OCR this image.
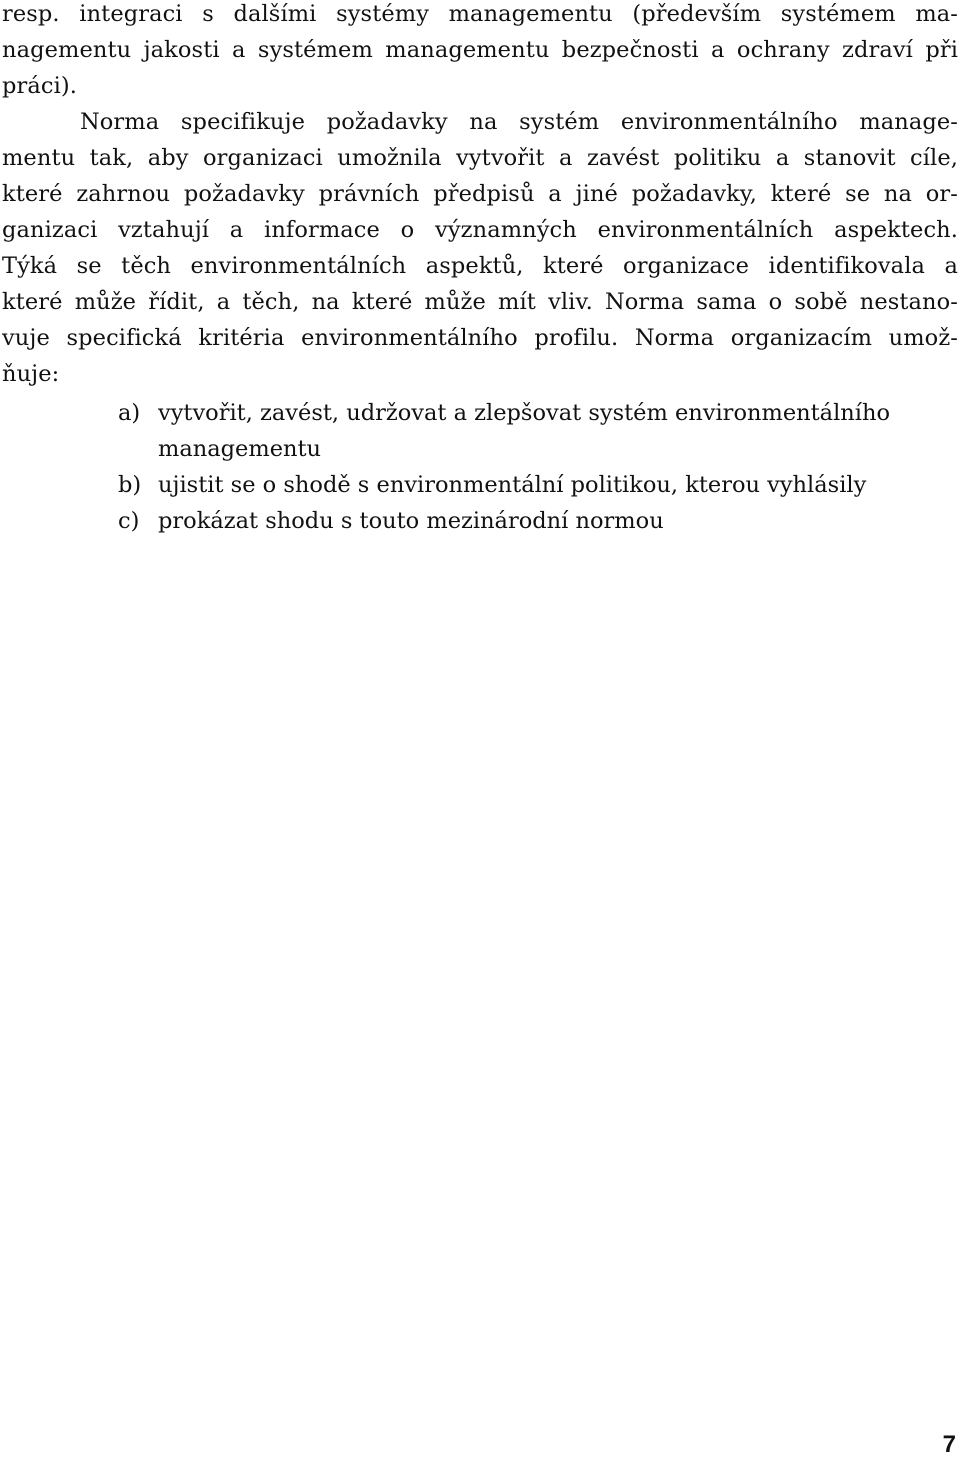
resp. integraci s dalšími systémy managementu (především systémem ma-
nagementu jakosti a systémem managementu bezpečnosti a ochrany zdraví při
práci).
Norma specifikuje požadavky na systém environmentálního manage-
mentu tak, aby organizaci umožnila vytvořit a zavést politiku a stanovit cíle,
které zahrnou požadavky právních předpisů a jiné požadavky, které se na or-
ganizaci vztahují a informace o významných environmentálních aspektech.
Týká se těch environmentálních aspektů, které organizace identifikovala a
které může řídit, a těch, na které může mít vliv. Norma sama o sobě nestano-
vuje specifická kritéria environmentálního profilu. Norma organizacím umož-
ňuje:
a) vytvořit, zavést, udržovat a zlepšovat systém environmentálního
managementu
b) ujistit se o shodě s environmentální politikou, kterou vyhlásily
c) prokázat shodu s touto mezinárodní normou
7
